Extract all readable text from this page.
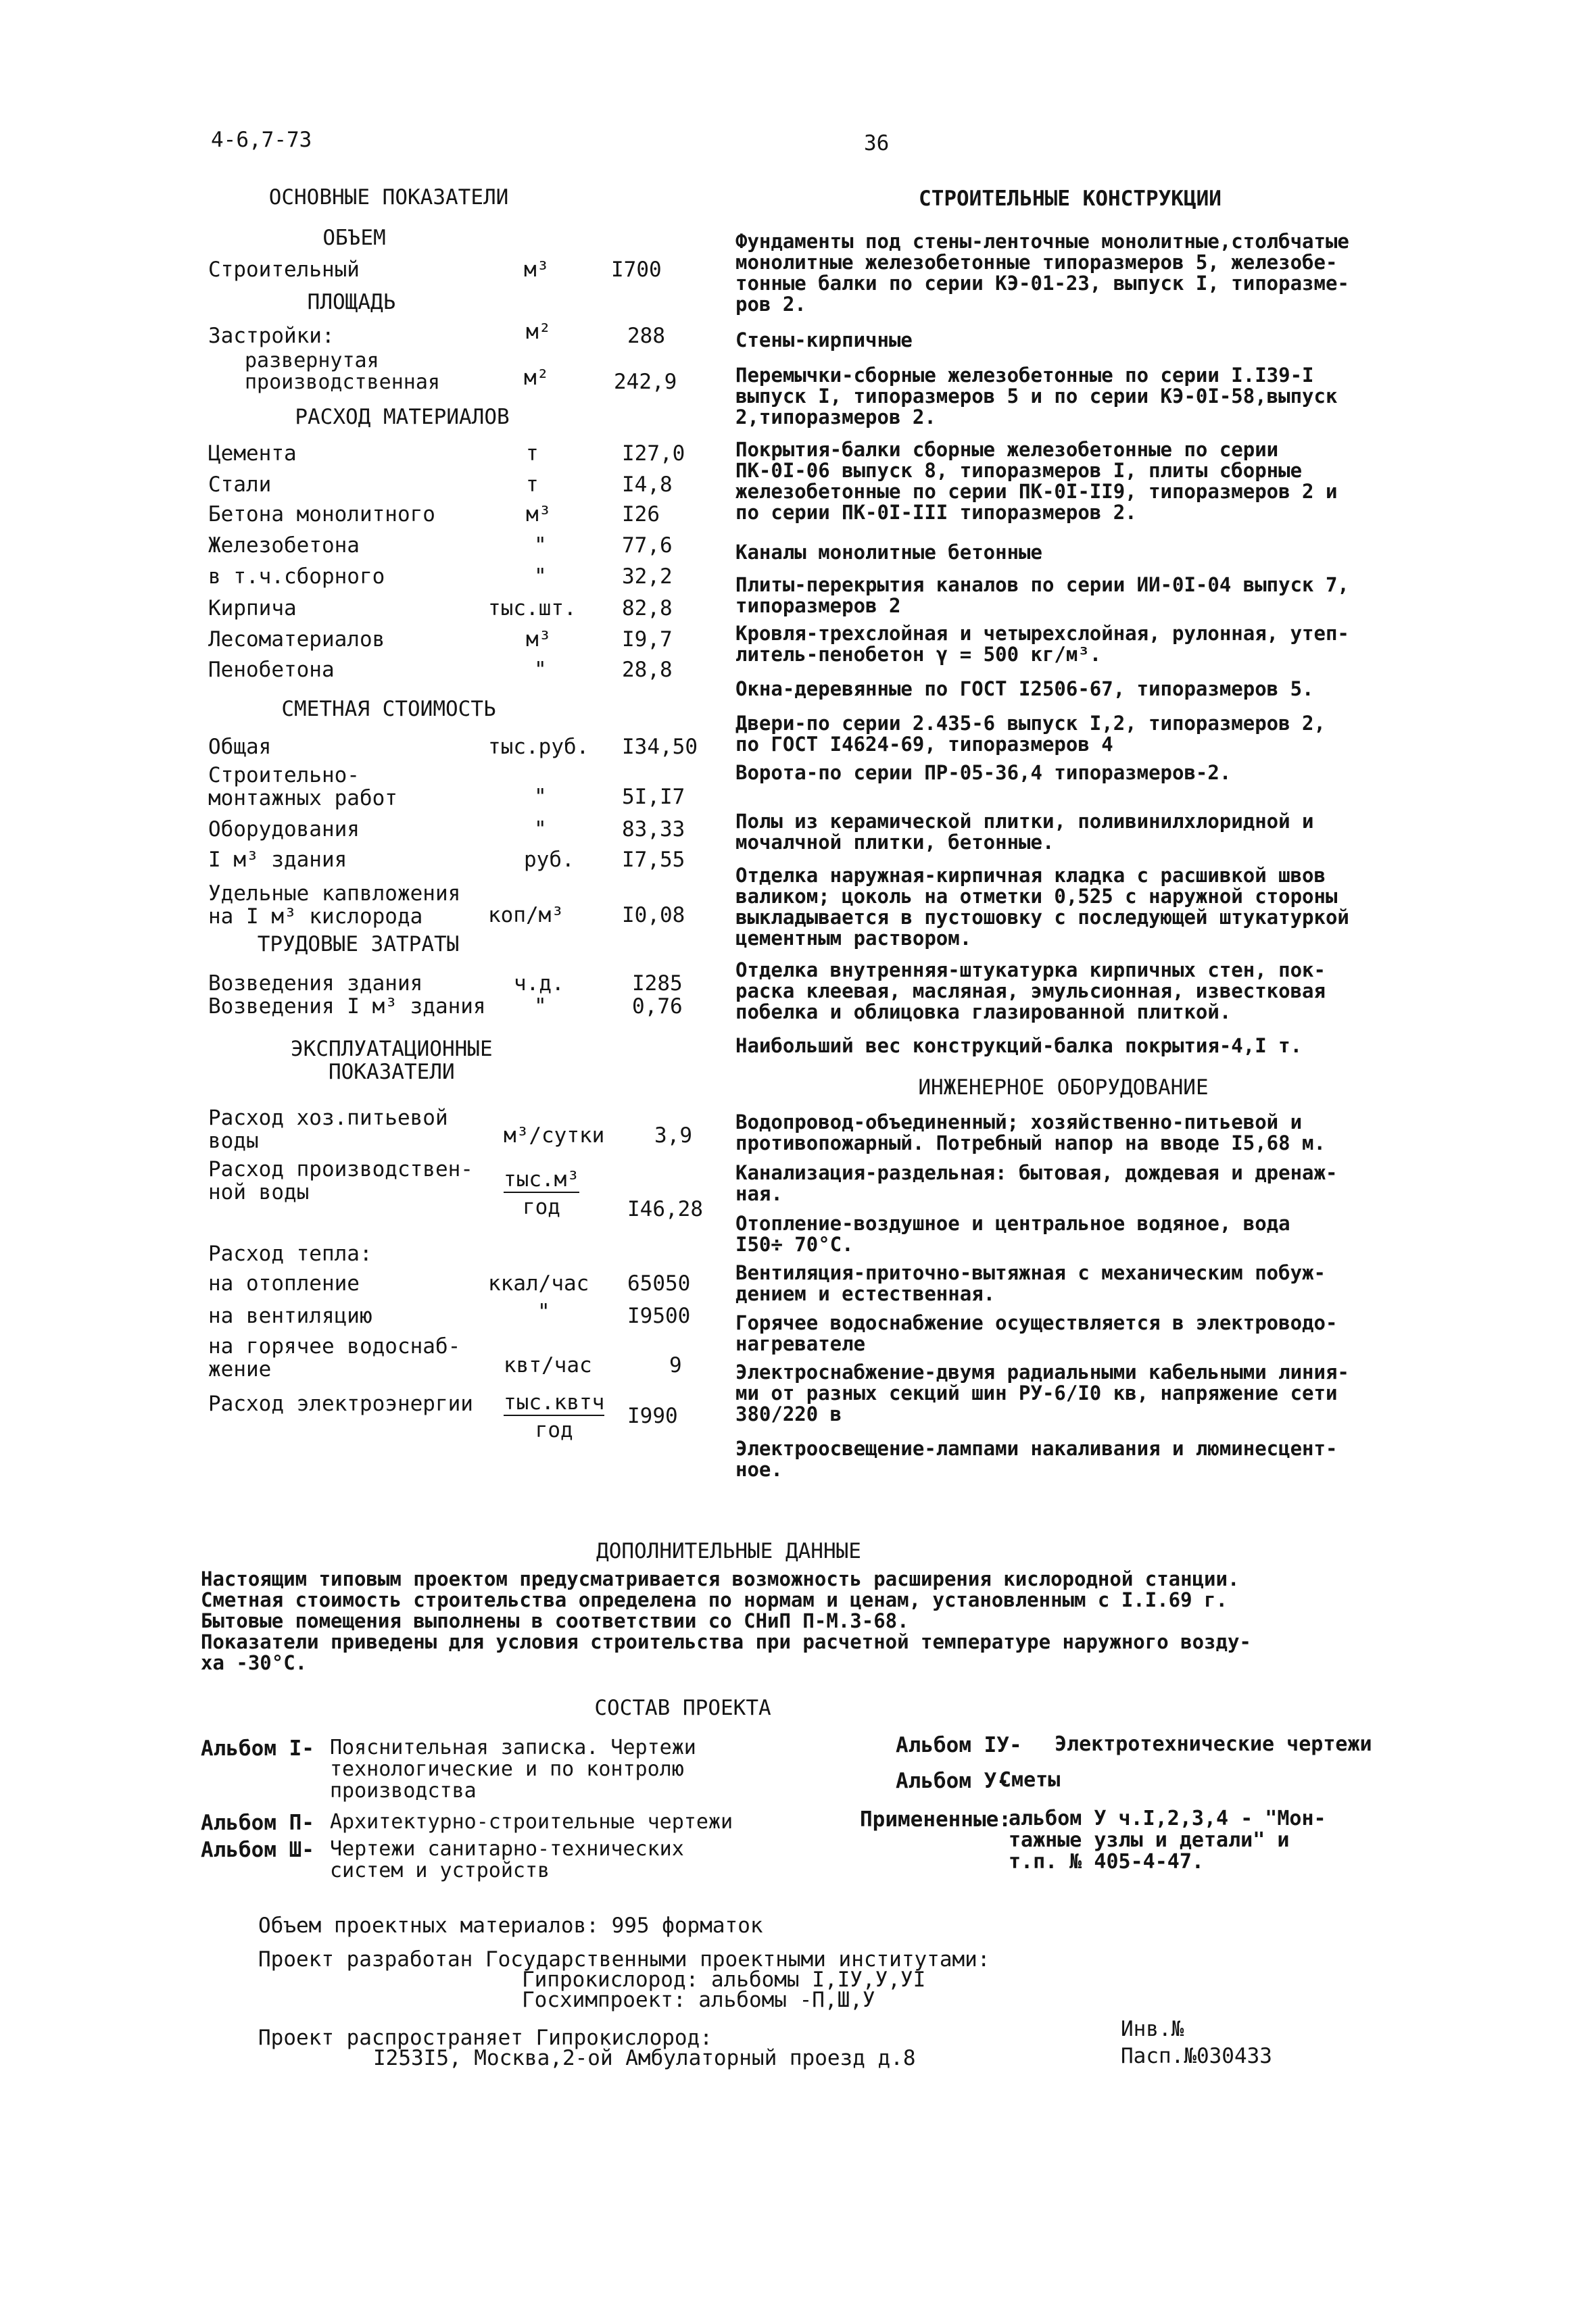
4-6,7-73	36
ОСНОВНЫЕ ПОКАЗАТЕЛИ
ОБЪЕМ
Строительный	м³	I700
ПЛОЩАДЬ
Застройки:	м²	288
развернутая
производственная	м²	242,9
РАСХОД МАТЕРИАЛОВ
Цемента	т	I27,0
Стали	т	I4,8
Бетона монолитного	м³	I26
Железобетона	"	77,6
в т.ч.сборного	"	32,2
Кирпича	тыс.шт. 82,8
Лесоматериалов	м³	I9,7
Пенобетона	"	28,8
СМЕТНАЯ СТОИМОСТЬ
Общая	тыс.руб. I34,50
Строительно-
монтажных работ	"	5I,I7
Оборудования	"	83,33
I м³ здания	руб. I7,55
Удельные капвложения
на I м³ кислорода	коп/м³	I0,08
ТРУДОВЫЕ ЗАТРАТЫ
Возведения здания	ч.д.	I285
Возведения I м³ здания "	0,76
ЭКСПЛУАТАЦИОННЫЕ
ПОКАЗАТЕЛИ
Расход хоз.питьевой
воды	м³/сутки 3,9
Расход производствен-
ной воды	$\frac{\text{тыс.м³}}{\text{год}} I46,28$
Расход тепла:
на отопление	ккал/час 65050
на вентиляцию	"	I9500
на горячее водоснаб-
жение	квт/час	9
Расход электроэнергии $\frac{\text{тыс.квтч}}{\text{год}} I990$
СТРОИТЕЛЬНЫЕ КОНСТРУКЦИИ
Фундаменты под стены-ленточные монолитные,столбчатые
монолитные железобетонные типоразмеров 5, железобе-
тонные балки по серии КЭ-01-23, выпуск I, типоразме-
ров 2.
Стены-кирпичные
Перемычки-сборные железобетонные по серии I.I39-I
выпуск I, типоразмеров 5 и по серии КЭ-0I-58,выпуск
2,типоразмеров 2.
Покрытия-балки сборные железобетонные по серии
ПК-0I-06 выпуск 8, типоразмеров I, плиты сборные
железобетонные по серии ПК-0I-II9, типоразмеров 2 и
по серии ПК-0I-III типоразмеров 2.
Каналы монолитные бетонные
Плиты-перекрытия каналов по серии ИИ-0I-04 выпуск 7,
типоразмеров 2
Кровля-трехслойная и четырехслойная, рулонная, утеп-
литель-пенобетон γ = 500 кг/м³.
Окна-деревянные по ГОСТ I2506-67, типоразмеров 5.
Двери-по серии 2.435-6 выпуск I,2, типоразмеров 2,
по ГОСТ I4624-69, типоразмеров 4
Ворота-по серии ПР-05-36,4 типоразмеров-2.
Полы из керамической плитки, поливинилхлоридной и
мочалчной плитки, бетонные.
Отделка наружная-кирпичная кладка с расшивкой швов
валиком; цоколь на отметки 0,525 с наружной стороны
выкладывается в пустошовку с последующей штукатуркой
цементным раствором.
Отделка внутренняя-штукатурка кирпичных стен, пок-
раска клеевая, масляная, эмульсионная, известковая
побелка и облицовка глазированной плиткой.
Наибольший вес конструкций-балка покрытия-4,I т.
ИНЖЕНЕРНОЕ ОБОРУДОВАНИЕ
Водопровод-объединенный; хозяйственно-питьевой и
противопожарный. Потребный напор на вводе I5,68 м.
Канализация-раздельная: бытовая, дождевая и дренаж-
ная.
Отопление-воздушное и центральное водяное, вода
I50÷ 70°С.
Вентиляция-приточно-вытяжная с механическим побуж-
дением и естественная.
Горячее водоснабжение осуществляется в электроводо-
нагревателе
Электроснабжение-двумя радиальными кабельными линия-
ми от разных секций шин РУ-6/I0 кв, напряжение сети
380/220 в
Электроосвещение-лампами накаливания и люминесцент-
ное.
ДОПОЛНИТЕЛЬНЫЕ ДАННЫЕ
Настоящим типовым проектом предусматривается возможность расширения кислородной станции.
Сметная стоимость строительства определена по нормам и ценам, установленным с I.I.69 г.
Бытовые помещения выполнены в соответствии со СНиП П-М.3-68.
Показатели приведены для условия строительства при расчетной температуре наружного возду-
ха -30°С.
СОСТАВ ПРОЕКТА
Альбом I- Пояснительная записка. Чертежи
технологические и по контролю
производства
Альбом П- Архитектурно-строительные чертежи
Альбом Ш- Чертежи санитарно-технических
систем и устройств
Альбом IУ- Электротехнические чертежи
Альбом У-
Сметы
Примененные:
альбом У ч.I,2,3,4 - "Мон-
тажные узлы и детали" и
т.п. № 405-4-47.
Объем проектных материалов: 995 форматок
Проект разработан Государственными проектными институтами:
Гипрокислород: альбомы I,IУ,У,УI
Госхимпроект: альбомы -П,Ш,У
Проект распространяет Гипрокислород:
I253I5, Москва,2-ой Амбулаторный проезд д.8
Инв.№
Пасп.№030433
